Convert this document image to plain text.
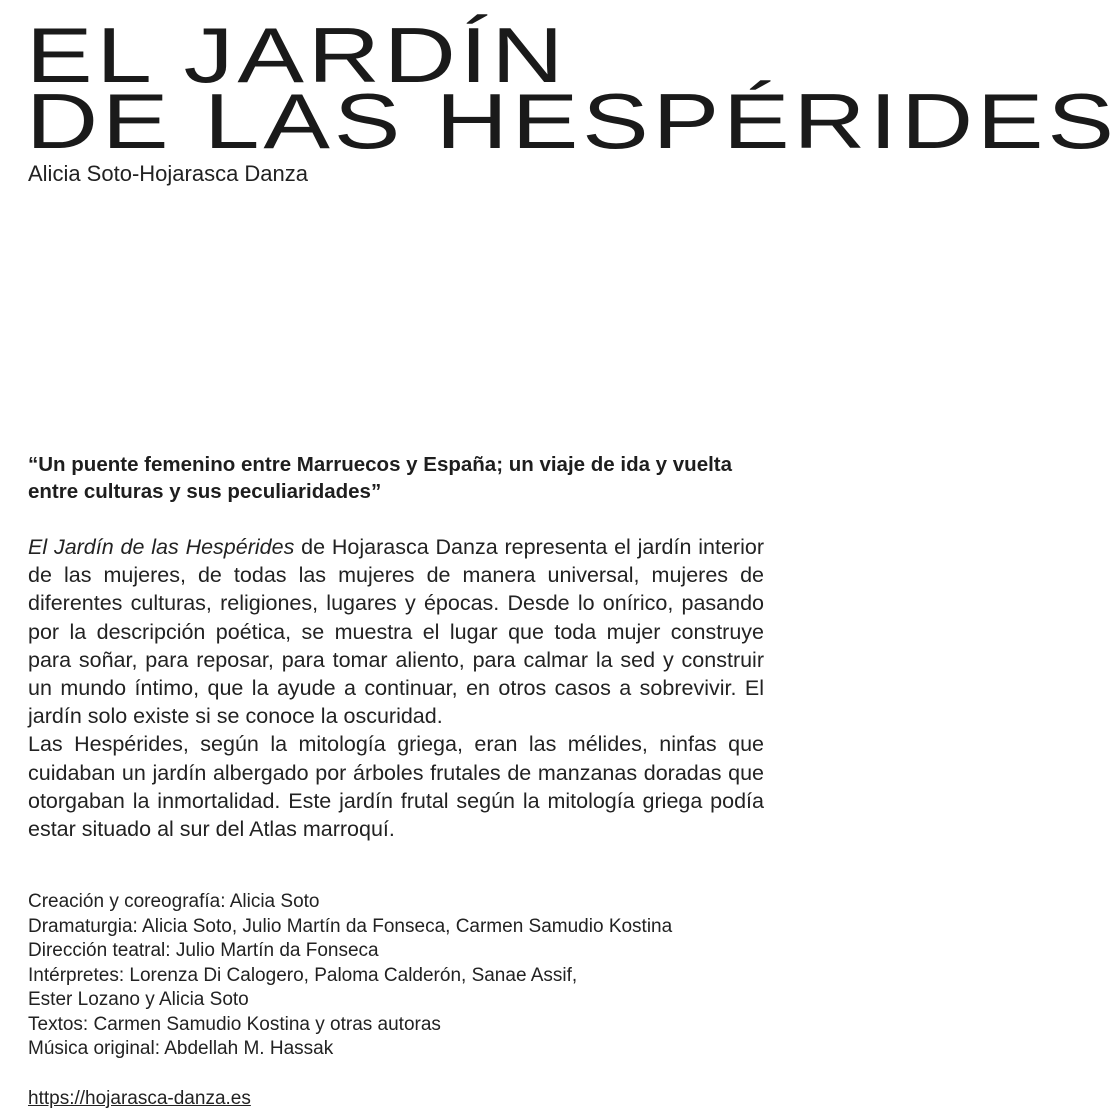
EL JARDÍN
DE LAS HESPÉRIDES

Alicia Soto-Hojarasca Danza

“Un puente femenino entre Marruecos y España; un viaje de ida y vuelta entre culturas y sus peculiaridades”

El Jardín de las Hespérides de Hojarasca Danza representa el jardín interior de las mujeres, de todas las mujeres de manera universal, mujeres de diferentes culturas, religiones, lugares y épocas. Desde lo onírico, pasando por la descripción poética, se muestra el lugar que toda mujer construye para soñar, para reposar, para tomar aliento, para calmar la sed y construir un mundo íntimo, que la ayude a continuar, en otros casos a sobrevivir. El jardín solo existe si se conoce la oscuridad.

Las Hespérides, según la mitología griega, eran las mélides, ninfas que cuidaban un jardín albergado por árboles frutales de manzanas doradas que otorgaban la inmortalidad. Este jardín frutal según la mitología griega podía estar situado al sur del Atlas marroquí.

Creación y coreografía: Alicia Soto
Dramaturgia: Alicia Soto, Julio Martín da Fonseca, Carmen Samudio Kostina
Dirección teatral: Julio Martín da Fonseca
Intérpretes: Lorenza Di Calogero, Paloma Calderón, Sanae Assif,
Ester Lozano y Alicia Soto
Textos: Carmen Samudio Kostina y otras autoras
Música original: Abdellah M. Hassak
https://hojarasca-danza.es
